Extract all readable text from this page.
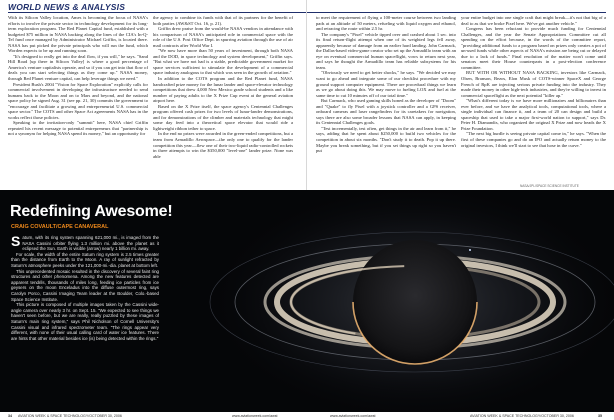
WORLD NEWS & ANALYSIS

With its Silicon Valley location, Ames is becoming the focus of NASA's efforts to involve the private sector in technology development for its long-term exploration program. The Red Planet Capital fund, established with a budgeted $75 million in NASA backing along the lines of the CIA's In-Q-Tel fund once managed by Administrator Michael Griffin, is located there. NASA has put picked the private principals who will run the fund, which Worden expects to be up and running soon.

"It's designed to really get into the deal flow, if you will," he says. "Sand Hill Road [up there in Silicon Valley] is where a good percentage of America's venture capitalists operate, and so if you can get into that flow of deals you can start selecting things as they come up." NASA money, through Red Planet venture capital, can help leverage things we need."

President Bush's 2004 "Vision for Space Exploration" explicitly calls for commercial involvement in developing the infrastructure needed to send humans back to the Moon and on to Mars and beyond, and the national space policy he signed Aug. 31 (see pp. 21, 30) commits the government to "encourage and facilitate a growing and entrepreneurial U.S. commercial space sector." The COTS and other Space Act agreements NASA has in the works reflect those policies.

Speaking to the invitation-only "summit" here, NASA chief Griffin repeated his recent message to potential entrepreneurs that "partnership is not a synonym for helping NASA spend its money," but an opportunity for

the agency to combine its funds with that of its partners for the benefit of both parties (AW&ST Oct. 16, p. 21).

Griffin drew praise from the would-be NASA vendors in attendance with his comparison of NASA's anticipated role in commercial space with the role of the U.S. Post Office Dept. in spurring aviation through the use of air mail contracts after World War I.

"We now have more than 50 years of investment, through both NASA and the DOD, in space technology and system development," Griffin says. "But what we have not had is a stable, predictable government market for space services sufficient to stimulate the development of a commercial space industry analogous to that which was seen in the growth of aviation."

In addition to the COTS program and the Red Planet fund, NASA handcrafted prize money for the lunar lander and space-elevator technology competitions that drew 4,000 New Mexico grade school students and a like number of paying adults to the X Prize Cup event at the general aviation airport here.

Based on the X Prize itself, the space agency's Centennial Challenges program offered cash prizes for two levels of lunar-lander demonstrations, and for demonstrations of the climber and materials technology that might some day feed into a theoretical space elevator that would ride a lightweight ribbon tether to space.

In the end no prizes were awarded in the green-ended competitions, but a team from Armadillo Aerospace—the only one to qualify for the lander competition this year—flew one of their two-liquid radio-controlled rockets in three attempts to win the $350,000 "level-one" lander prize. None was able

to meet the requirement of flying a 100-meter course between two landing pads at an altitude of 50 meters, refueling with liquid oxygen and ethanol, and retracing the route within 2.5 hr.

The company's "Pixel" vehicle tipped over and crashed about 1 sec. into its final return-flight attempt when one of its weighted legs fell away, apparently because of damage from an earlier hard landing. John Carmack, the Dallas-based video-game creator who set up the Armadillo team with an eye on eventual commercial human spaceflight, vows to return next year, and says he thought the Armadillo team has reliable subsystems for his team.

"Obviously we need to get better shocks," he says. "We decided we may want to go ahead and integrate some of our checklist procedure with my ground support computer equipment. There are procedural things we learn as we go about doing this. We may move to fueling LOX and fuel at the same time to cut 10 minutes off of our total time."

But Carmack, who used gaming skills honed as the developer of "Doom" and "Quake" to fly Pixel with a joystick controller and a GPS receiver, onboard cameras and laser rangefinders for its caretakers for navigation, says there are also some broader lessons that NASA can apply, in keeping its Centennial Challenges goals.

"Test incrementally, test often, get things in the air and learn from it," he says, adding that he spent about $250,000 to build two vehicles for the competition in about six months. "Don't study it to death. Pop it up there. Maybe you break something, but if you set things up right so you haven't put

your entire budget into one single craft that might break—it's not that big of a deal to as that we broke Pixel here. We've got another vehicle."

Congress has been reluctant to provide much funding for Centennial Challenges, and the year the Senate Appropriations Committee cut all spending on the effort because, in the words of the committee report, "providing additional funds to a program based on prizes only creates a pot of un-used funds while other aspects of NASA's mission are being cut or delayed due to a lack of funds." Final resolution of the matter won't come until senators meet their House counterparts in a post-election conference committee.

BUT WITH OR WITHOUT NASA BACKING, investors like Carmack, Olsen, Branson, Bezos, Elon Musk of COTS-winner SpaceX and George French of RpK are injecting serious private funding into the industry. They made their money in other high-tech industries, and they're willing to invest in commercial spaceflight as the next potential "killer ap."

"What's different today is we have more millionaires and billionaires than ever before, and we have the analytical tools, computational tools, where a single individual can finance it, and a team of 20 can design and build a spaceship that used to take a major first-world nation to support," says Dr. Peter H. Diamandis, who organized the original X Prize and now heads the X Prize Foundation.

"The next big hurdle is seeing private capital come in," he says. "When the first of these companies go and do an IPO and actually return money to the original investors, I think we'll start to see that hose in the curve."

NASA/JPL/SPACE SCIENCE INSTITUTE
Redefining Awesome!
CRAIG COVAULT/CAPE CANAVERAL

Saturn, with its ring system spanning 621,000 mi., is imaged from the NASA Cassini orbiter flying 1.3 million mi. above the planet as it eclipsed the Sun. Earth is visible (arrow) nearly 1 billion mi. away.

For scale, the width of the entire Saturn ring system is 2.5 times greater than the distance from Earth to the Moon. A ray of sunlight refracted by Saturn's atmosphere peeks under the 121,000-mi.-dia. planet at bottom left.

This unprecedented mosaic resulted in the discovery of several faint ring structures and other phenomena. Among the new features detected are apparent tendrils, thousands of miles long, feeding ice particles from ice geysers on the moon Enceladus into the diffuse outermost ring, says Carolyn Porco, Cassini Imaging Team leader at the Boulder, Colo.-based Space Science Institute.

This picture is composed of multiple images taken by the Cassini wide-angle camera over nearly 3 hr. on Sept. 15. "We expected to see things we haven't seen before, but we are really, really puzzled by these images of Saturn's main ring system," says Phil Nicholson of Cornell University's Cassini visual and infrared spectrometer team. "The rings appear very different, with none of their usual calling card of water ice features. There are hints that other material besides ice (is) being detected within the rings."

34 AVIATION WEEK & SPACE TECHNOLOGY/OCTOBER 30, 2006	www.aviationweek.com/awst	www.aviationweek.com/awst	AVIATION WEEK & SPACE TECHNOLOGY/OCTOBER 30, 2006	35
